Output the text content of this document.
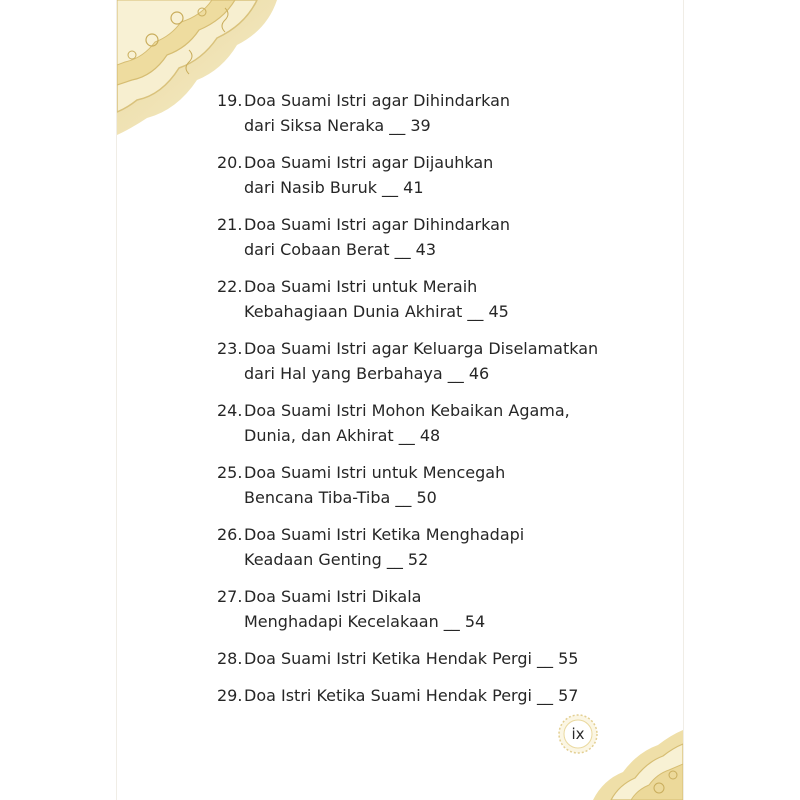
19. Doa Suami Istri agar Dihindarkan
dari Siksa Neraka __ 39
20. Doa Suami Istri agar Dijauhkan
dari Nasib Buruk __ 41
21. Doa Suami Istri agar Dihindarkan
dari Cobaan Berat __ 43
22. Doa Suami Istri untuk Meraih
Kebahagiaan Dunia Akhirat __ 45
23. Doa Suami Istri agar Keluarga Diselamatkan
dari Hal yang Berbahaya __ 46
24. Doa Suami Istri Mohon Kebaikan Agama,
Dunia, dan Akhirat __ 48
25. Doa Suami Istri untuk Mencegah
Bencana Tiba-Tiba __ 50
26. Doa Suami Istri Ketika Menghadapi
Keadaan Genting __ 52
27. Doa Suami Istri Dikala
Menghadapi Kecelakaan __ 54
28. Doa Suami Istri Ketika Hendak Pergi __ 55
29. Doa Istri Ketika Suami Hendak Pergi __ 57
ix
